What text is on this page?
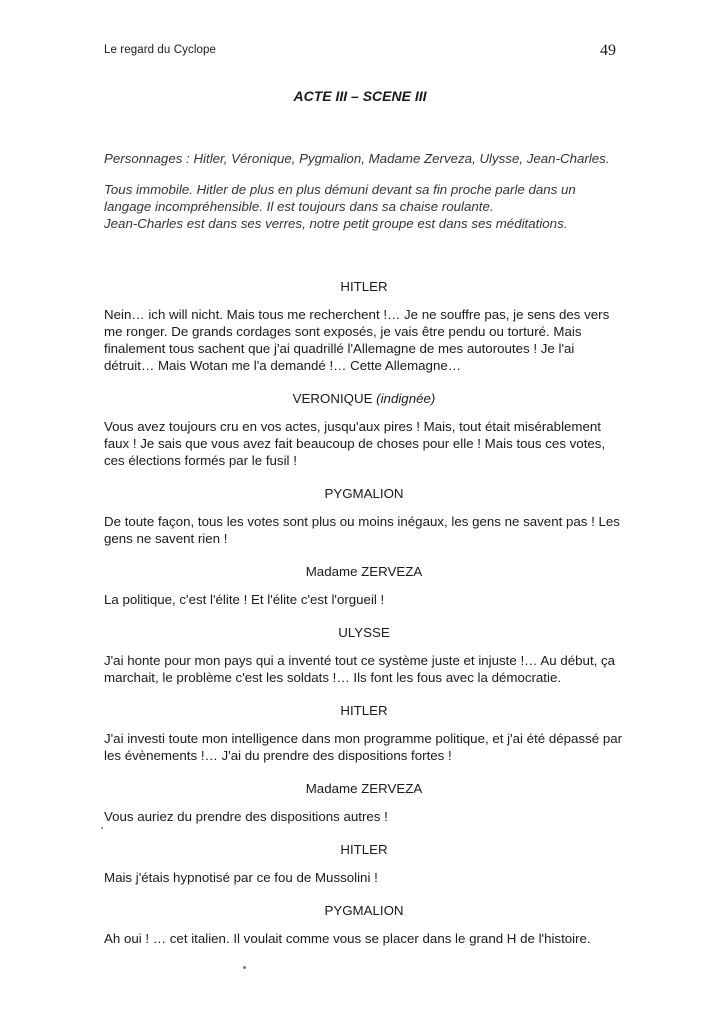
Le regard du Cyclope	49
ACTE III – SCENE III

Personnages : Hitler, Véronique, Pygmalion, Madame Zerveza, Ulysse, Jean-Charles.

Tous immobile. Hitler de plus en plus démuni devant sa fin proche parle dans un langage incompréhensible. Il est toujours dans sa chaise roulante.
Jean-Charles est dans ses verres, notre petit groupe est dans ses méditations.

HITLER

Nein… ich will nicht. Mais tous me recherchent !… Je ne souffre pas, je sens des vers me ronger. De grands cordages sont exposés, je vais être pendu ou torturé. Mais finalement tous sachent que j'ai quadrillé l'Allemagne de mes autoroutes ! Je l'ai détruit… Mais Wotan me l'a demandé !… Cette Allemagne…

VERONIQUE (indignée)

Vous avez toujours cru en vos actes, jusqu'aux pires ! Mais, tout était misérablement faux ! Je sais que vous avez fait beaucoup de choses pour elle ! Mais tous ces votes, ces élections formés par le fusil !

PYGMALION

De toute façon, tous les votes sont plus ou moins inégaux, les gens ne savent pas ! Les gens ne savent rien !

Madame ZERVEZA

La politique, c'est l'élite ! Et l'élite c'est l'orgueil !

ULYSSE

J'ai honte pour mon pays qui a inventé tout ce système juste et injuste !… Au début, ça marchait, le problème c'est les soldats !… Ils font les fous avec la démocratie.

HITLER

J'ai investi toute mon intelligence dans mon programme politique, et j'ai été dépassé par les évènements !… J'ai du prendre des dispositions fortes !

Madame ZERVEZA

Vous auriez du prendre des dispositions autres !

HITLER

Mais j'étais hypnotisé par ce fou de Mussolini !

PYGMALION

Ah oui ! … cet italien. Il voulait comme vous se placer dans le grand H de l'histoire.
